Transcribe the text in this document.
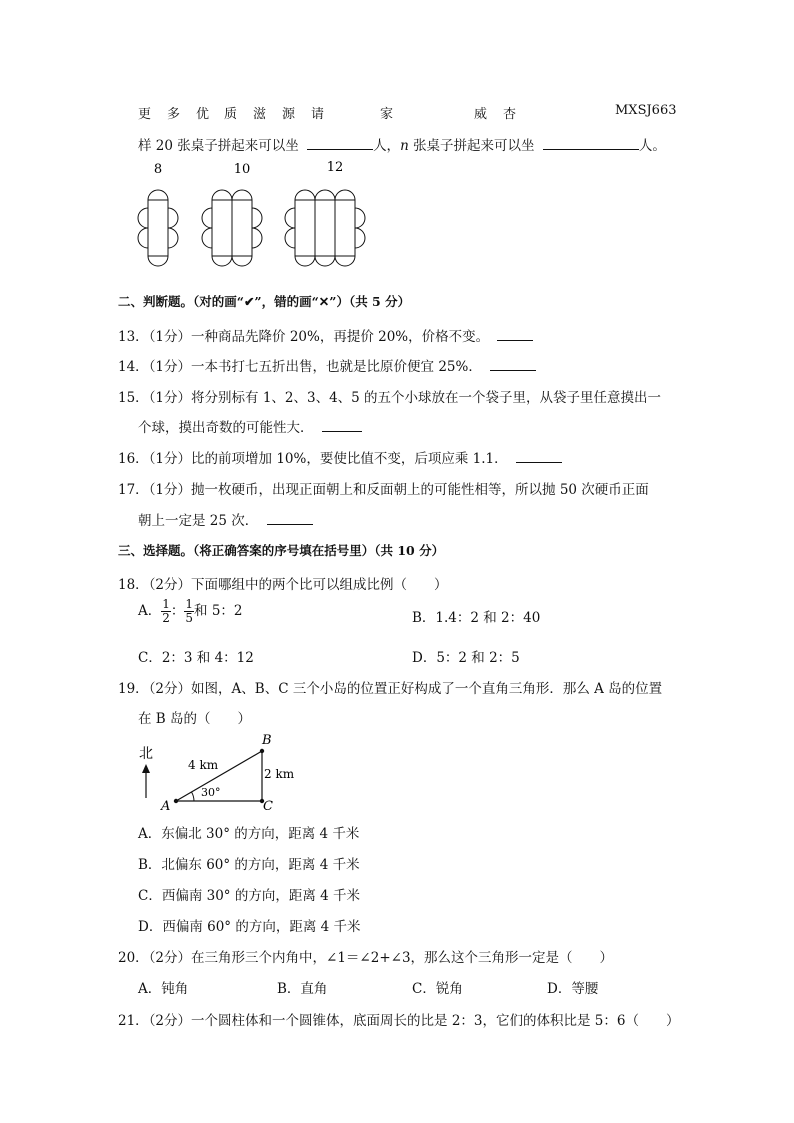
更 多 优 质 滋 源 请	家	威 杏	MXSJ663
样 20 张桌子拼起来可以坐	人，n 张桌子拼起来可以坐	人。
8	10	12
二、判断题。（对的画“✔”，错的画“✕”）（共 5 分）
13．（1分）一种商品先降价 20%，再提价 20%，价格不变。
14．（1分）一本书打七五折出售，也就是比原价便宜 25%．
15．（1分）将分别标有 1、2、3、4、5 的五个小球放在一个袋子里，从袋子里任意摸出一
个球，摸出奇数的可能性大．
16．（1分）比的前项增加 10%，要使比值不变，后项应乘 1.1．
17．（1分）抛一枚硬币，出现正面朝上和反面朝上的可能性相等，所以抛 50 次硬币正面
朝上一定是 25 次．
三、选择题。（将正确答案的序号填在括号里）（共 10 分）
18．（2分）下面哪组中的两个比可以组成比例（　　）
A． $\frac{1}{2}$ ： $\frac{1}{5}$ 和 5：2	B．1.4：2 和 2：40
C．2：3 和 4：12	D．5：2 和 2：5
19．（2分）如图，A、B、C 三个小岛的位置正好构成了一个直角三角形．那么 A 岛的位置
在 B 岛的（　　）
北
4 km
2 km
30°
A	C
B
A．东偏北 30° 的方向，距离 4 千米
B．北偏东 60° 的方向，距离 4 千米
C．西偏南 30° 的方向，距离 4 千米
D．西偏南 60° 的方向，距离 4 千米
20．（2分）在三角形三个内角中，∠1＝∠2+∠3，那么这个三角形一定是（　　）
A．钝角	B．直角	C．锐角	D．等腰
21．（2分）一个圆柱体和一个圆锥体，底面周长的比是 2：3，它们的体积比是 5：6（　　）
